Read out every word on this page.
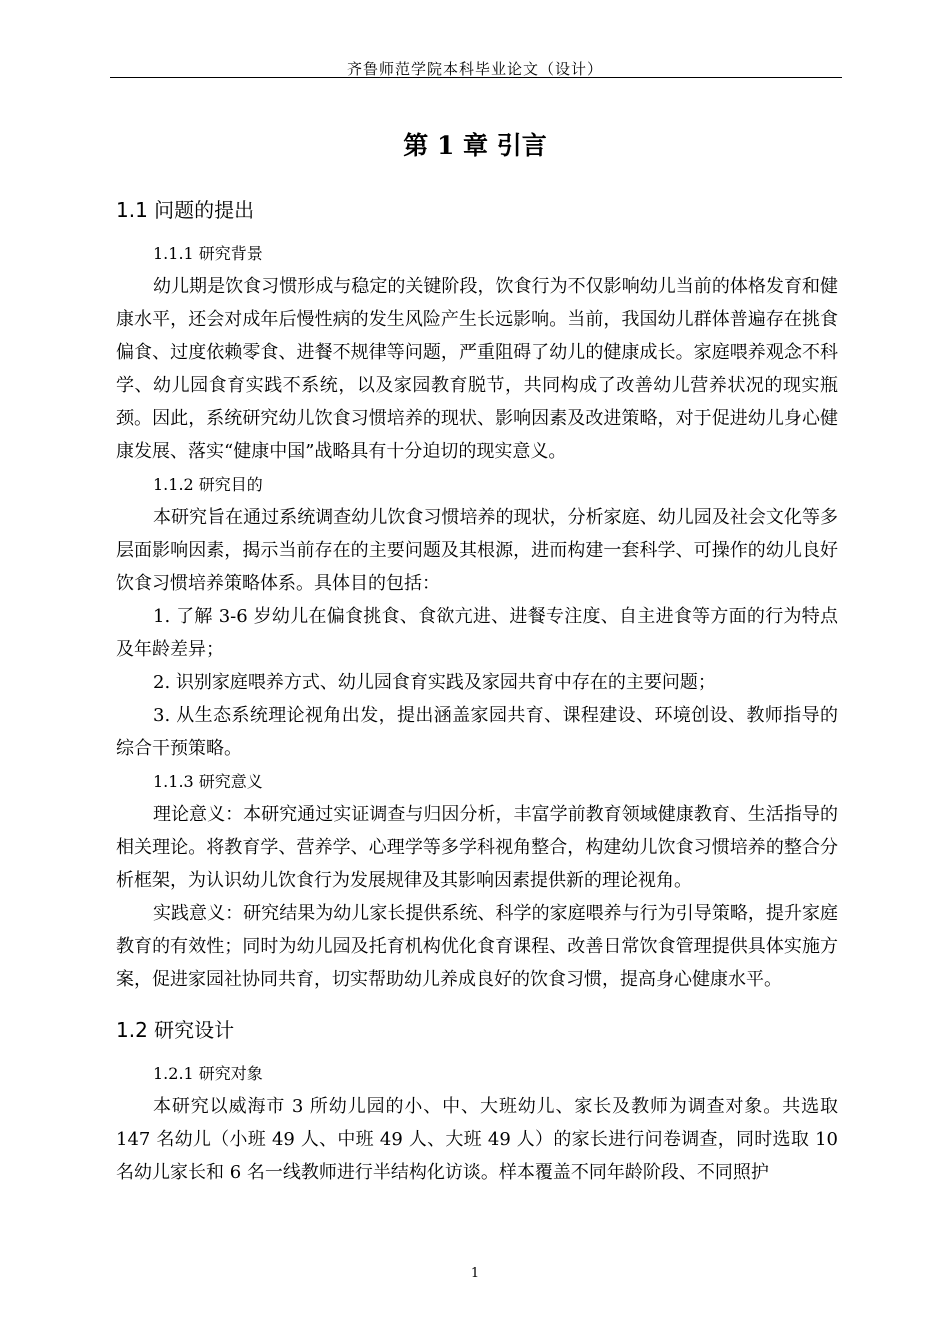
齐鲁师范学院本科毕业论文（设计）
第 1 章 引言
1.1 问题的提出
1.1.1 研究背景
幼儿期是饮食习惯形成与稳定的关键阶段，饮食行为不仅影响幼儿当前的体格发育和健康水平，还会对成年后慢性病的发生风险产生长远影响。当前，我国幼儿群体普遍存在挑食偏食、过度依赖零食、进餐不规律等问题，严重阻碍了幼儿的健康成长。家庭喂养观念不科学、幼儿园食育实践不系统，以及家园教育脱节，共同构成了改善幼儿营养状况的现实瓶颈。因此，系统研究幼儿饮食习惯培养的现状、影响因素及改进策略，对于促进幼儿身心健康发展、落实“健康中国”战略具有十分迫切的现实意义。
1.1.2 研究目的
本研究旨在通过系统调查幼儿饮食习惯培养的现状，分析家庭、幼儿园及社会文化等多层面影响因素，揭示当前存在的主要问题及其根源，进而构建一套科学、可操作的幼儿良好饮食习惯培养策略体系。具体目的包括：
1. 了解 3-6 岁幼儿在偏食挑食、食欲亢进、进餐专注度、自主进食等方面的行为特点及年龄差异；
2. 识别家庭喂养方式、幼儿园食育实践及家园共育中存在的主要问题；
3. 从生态系统理论视角出发，提出涵盖家园共育、课程建设、环境创设、教师指导的综合干预策略。
1.1.3 研究意义
理论意义：本研究通过实证调查与归因分析，丰富学前教育领域健康教育、生活指导的相关理论。将教育学、营养学、心理学等多学科视角整合，构建幼儿饮食习惯培养的整合分析框架，为认识幼儿饮食行为发展规律及其影响因素提供新的理论视角。
实践意义：研究结果为幼儿家长提供系统、科学的家庭喂养与行为引导策略，提升家庭教育的有效性；同时为幼儿园及托育机构优化食育课程、改善日常饮食管理提供具体实施方案，促进家园社协同共育，切实帮助幼儿养成良好的饮食习惯，提高身心健康水平。
1.2 研究设计
1.2.1 研究对象
本研究以威海市 3 所幼儿园的小、中、大班幼儿、家长及教师为调查对象。共选取 147 名幼儿（小班 49 人、中班 49 人、大班 49 人）的家长进行问卷调查，同时选取 10 名幼儿家长和 6 名一线教师进行半结构化访谈。样本覆盖不同年龄阶段、不同照护
1
